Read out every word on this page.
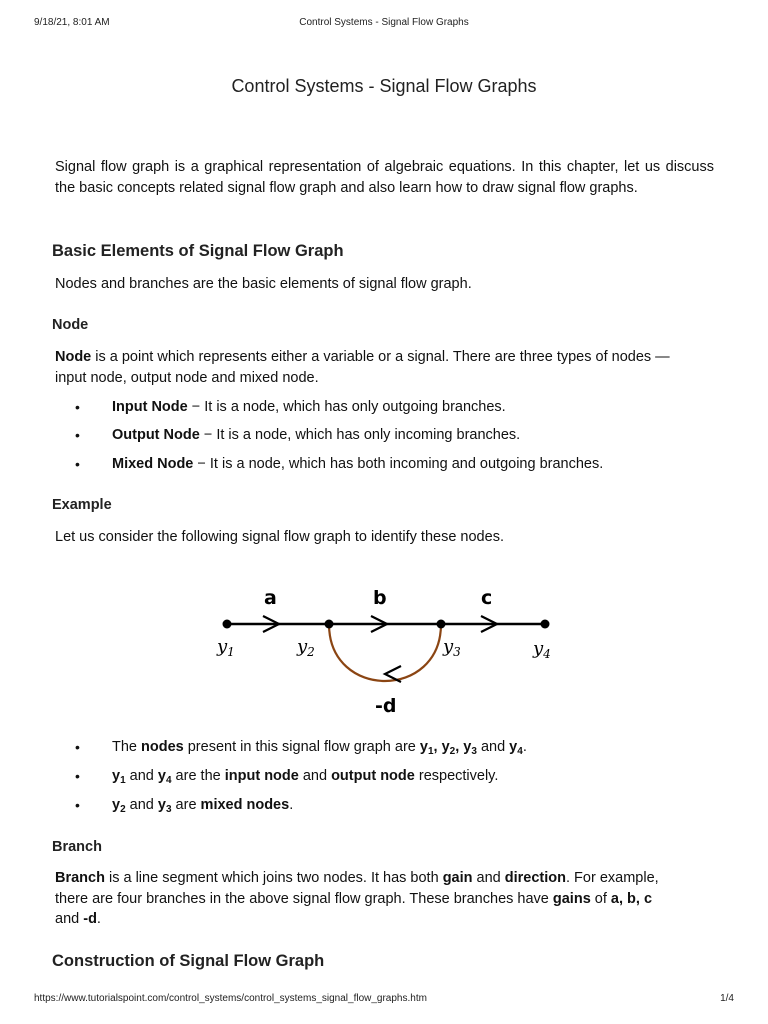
9/18/21, 8:01 AM	Control Systems - Signal Flow Graphs
Control Systems - Signal Flow Graphs
Signal flow graph is a graphical representation of algebraic equations. In this chapter, let us discuss the basic concepts related signal flow graph and also learn how to draw signal flow graphs.
Basic Elements of Signal Flow Graph
Nodes and branches are the basic elements of signal flow graph.
Node
Node is a point which represents either a variable or a signal. There are three types of nodes —
input node, output node and mixed node.
• Input Node − It is a node, which has only outgoing branches.
• Output Node − It is a node, which has only incoming branches.
• Mixed Node − It is a node, which has both incoming and outgoing branches.
Example
Let us consider the following signal flow graph to identify these nodes.
a	b	c
-d
$y_1$	$y_2$	$y_3$	$y_4$
• The nodes present in this signal flow graph are $y_1$, $y_2$, $y_3$ and $y_4$.
• $y_1$ and $y_4$ are the input node and output node respectively.
• $y_2$ and $y_3$ are mixed nodes.
Branch
Branch is a line segment which joins two nodes. It has both gain and direction. For example,
there are four branches in the above signal flow graph. These branches have gains of a, b, c
and -d.
Construction of Signal Flow Graph
https://www.tutorialspoint.com/control_systems/control_systems_signal_flow_graphs.htm	1/4
